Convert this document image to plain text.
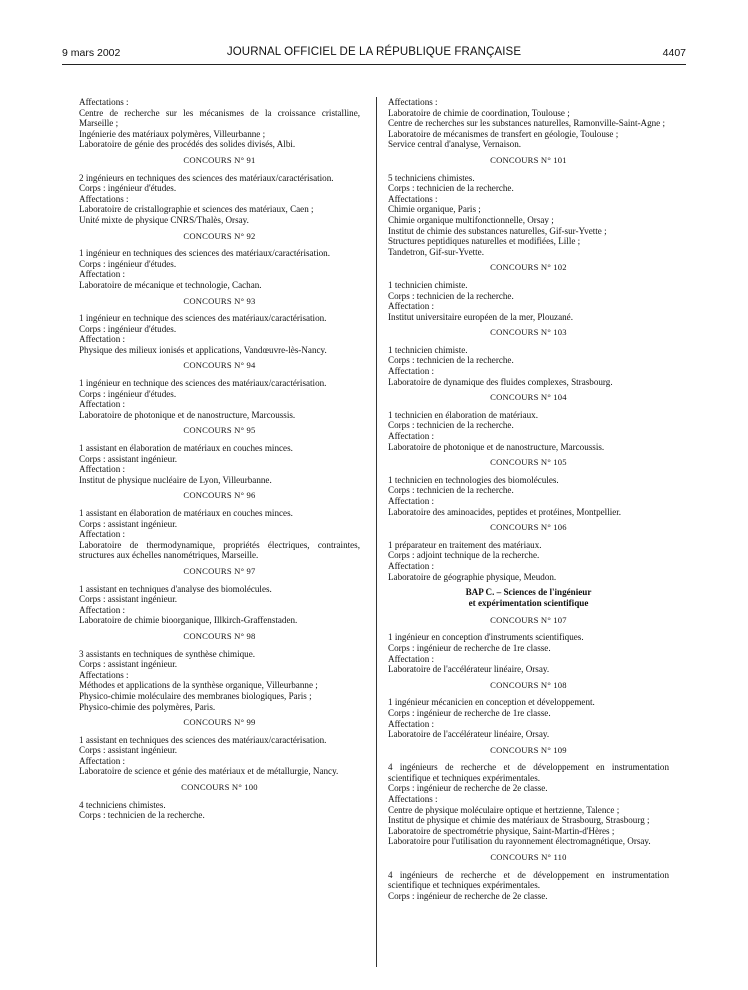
9 mars 2002	JOURNAL OFFICIEL DE LA RÉPUBLIQUE FRANÇAISE	4407

Affectations :

Centre de recherche sur les mécanismes de la croissance cristalline, Marseille ;

Ingénierie des matériaux polymères, Villeurbanne ;

Laboratoire de génie des procédés des solides divisés, Albi.

CONCOURS N° 91

2 ingénieurs en techniques des sciences des matériaux/caractérisation.

Corps : ingénieur d'études.

Affectations :

Laboratoire de cristallographie et sciences des matériaux, Caen ;

Unité mixte de physique CNRS/Thalès, Orsay.

CONCOURS N° 92

1 ingénieur en techniques des sciences des matériaux/caractérisation.

Corps : ingénieur d'études.

Affectation :

Laboratoire de mécanique et technologie, Cachan.

CONCOURS N° 93

1 ingénieur en technique des sciences des matériaux/caractérisation.

Corps : ingénieur d'études.

Affectation :

Physique des milieux ionisés et applications, Vandœuvre-lès-Nancy.

CONCOURS N° 94

1 ingénieur en technique des sciences des matériaux/caractérisation.

Corps : ingénieur d'études.

Affectation :

Laboratoire de photonique et de nanostructure, Marcoussis.

CONCOURS N° 95

1 assistant en élaboration de matériaux en couches minces.

Corps : assistant ingénieur.

Affectation :

Institut de physique nucléaire de Lyon, Villeurbanne.

CONCOURS N° 96

1 assistant en élaboration de matériaux en couches minces.

Corps : assistant ingénieur.

Affectation :

Laboratoire de thermodynamique, propriétés électriques, contraintes, structures aux échelles nanométriques, Marseille.

CONCOURS N° 97

1 assistant en techniques d'analyse des biomolécules.

Corps : assistant ingénieur.

Affectation :

Laboratoire de chimie bioorganique, Illkirch-Graffenstaden.

CONCOURS N° 98

3 assistants en techniques de synthèse chimique.

Corps : assistant ingénieur.

Affectations :

Méthodes et applications de la synthèse organique, Villeurbanne ;

Physico-chimie moléculaire des membranes biologiques, Paris ;

Physico-chimie des polymères, Paris.

CONCOURS N° 99

1 assistant en techniques des sciences des matériaux/caractérisation.

Corps : assistant ingénieur.

Affectation :

Laboratoire de science et génie des matériaux et de métallurgie, Nancy.

CONCOURS N° 100

4 techniciens chimistes.

Corps : technicien de la recherche.

Affectations :

Laboratoire de chimie de coordination, Toulouse ;

Centre de recherches sur les substances naturelles, Ramonville-Saint-Agne ;

Laboratoire de mécanismes de transfert en géologie, Toulouse ;

Service central d'analyse, Vernaison.

CONCOURS N° 101

5 techniciens chimistes.

Corps : technicien de la recherche.

Affectations :

Chimie organique, Paris ;

Chimie organique multifonctionnelle, Orsay ;

Institut de chimie des substances naturelles, Gif-sur-Yvette ;

Structures peptidiques naturelles et modifiées, Lille ;

Tandetron, Gif-sur-Yvette.

CONCOURS N° 102

1 technicien chimiste.

Corps : technicien de la recherche.

Affectation :

Institut universitaire européen de la mer, Plouzané.

CONCOURS N° 103

1 technicien chimiste.

Corps : technicien de la recherche.

Affectation :

Laboratoire de dynamique des fluides complexes, Strasbourg.

CONCOURS N° 104

1 technicien en élaboration de matériaux.

Corps : technicien de la recherche.

Affectation :

Laboratoire de photonique et de nanostructure, Marcoussis.

CONCOURS N° 105

1 technicien en technologies des biomolécules.

Corps : technicien de la recherche.

Affectation :

Laboratoire des aminoacides, peptides et protéines, Montpellier.

CONCOURS N° 106

1 préparateur en traitement des matériaux.

Corps : adjoint technique de la recherche.

Affectation :

Laboratoire de géographie physique, Meudon.

BAP C. – Sciences de l'ingénieur
et expérimentation scientifique

CONCOURS N° 107

1 ingénieur en conception d'instruments scientifiques.

Corps : ingénieur de recherche de 1re classe.

Affectation :

Laboratoire de l'accélérateur linéaire, Orsay.

CONCOURS N° 108

1 ingénieur mécanicien en conception et développement.

Corps : ingénieur de recherche de 1re classe.

Affectation :

Laboratoire de l'accélérateur linéaire, Orsay.

CONCOURS N° 109

4 ingénieurs de recherche et de développement en instrumentation scientifique et techniques expérimentales.

Corps : ingénieur de recherche de 2e classe.

Affectations :

Centre de physique moléculaire optique et hertzienne, Talence ;

Institut de physique et chimie des matériaux de Strasbourg, Strasbourg ;

Laboratoire de spectrométrie physique, Saint-Martin-d'Hères ;

Laboratoire pour l'utilisation du rayonnement électromagnétique, Orsay.

CONCOURS N° 110

4 ingénieurs de recherche et de développement en instrumentation scientifique et techniques expérimentales.

Corps : ingénieur de recherche de 2e classe.
